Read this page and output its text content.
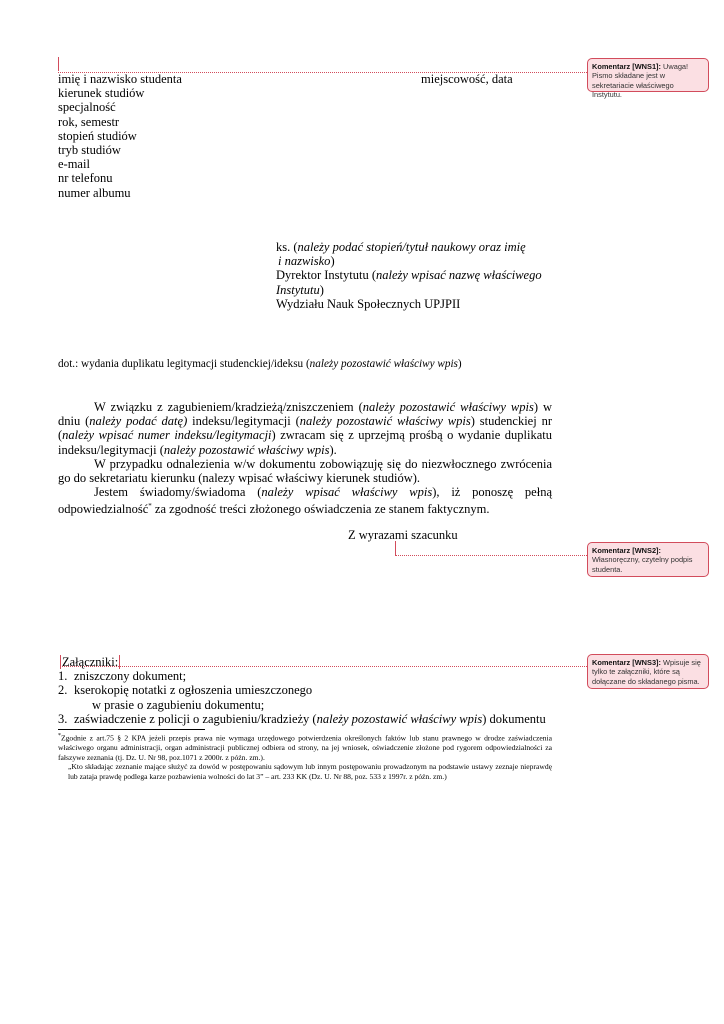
imię i nazwisko studenta
kierunek studiów
specjalność
rok, semestr
stopień studiów
tryb studiów
e-mail
nr telefonu
numer albumu
miejscowość, data
Komentarz [WNS1]: Uwaga! Pismo składane jest w sekretariacie właściwego Instytutu.
Komentarz [WNS2]: Własnoręczny, czytelny podpis studenta.
Komentarz [WNS3]: Wpisuje się tylko te załączniki, które są dołączane do składanego pisma.
ks. (należy podać stopień/tytuł naukowy oraz imię
i nazwisko)
Dyrektor Instytutu (należy wpisać nazwę właściwego
Instytutu)
Wydziału Nauk Społecznych UPJPII
dot.: wydania duplikatu legitymacji studenckiej/ideksu (należy pozostawić właściwy wpis)
W związku z zagubieniem/kradzieżą/zniszczeniem (należy pozostawić właściwy wpis) w dniu (należy podać datę) indeksu/legitymacji (należy pozostawić właściwy wpis) studenckiej nr (należy wpisać numer indeksu/legitymacji) zwracam się z uprzejmą prośbą o wydanie duplikatu indeksu/legitymacji (należy pozostawić właściwy wpis).
W przypadku odnalezienia w/w dokumentu zobowiązuję się do niezwłocznego zwrócenia go do sekretariatu kierunku (nalezy wpisać właściwy kierunek studiów).
Jestem świadomy/świadoma (należy wpisać właściwy wpis), iż ponoszę pełną odpowiedzialność* za zgodność treści złożonego oświadczenia ze stanem faktycznym.
Z wyrazami szacunku
Załączniki:
1. zniszczony dokument;
2. kserokopię notatki z ogłoszenia umieszczonego
w prasie o zagubieniu dokumentu;
3. zaświadczenie z policji o zagubieniu/kradzieży (należy pozostawić właściwy wpis) dokumentu
*Zgodnie z art.75 § 2 KPA jeżeli przepis prawa nie wymaga urzędowego potwierdzenia określonych faktów lub stanu prawnego w drodze zaświadczenia właściwego organu administracji, organ administracji publicznej odbiera od strony, na jej wniosek, oświadczenie złożone pod rygorem odpowiedzialności za fałszywe zeznania (tj. Dz. U. Nr 98, poz.1071 z 2000r. z późn. zm.).
„Kto składając zeznanie mające służyć za dowód w postępowaniu sądowym lub innym postępowaniu prowadzonym na podstawie ustawy zeznaje nieprawdę lub zataja prawdę podlega karze pozbawienia wolności do lat 3” – art. 233 KK (Dz. U. Nr 88, poz. 533 z 1997r. z późn. zm.)
